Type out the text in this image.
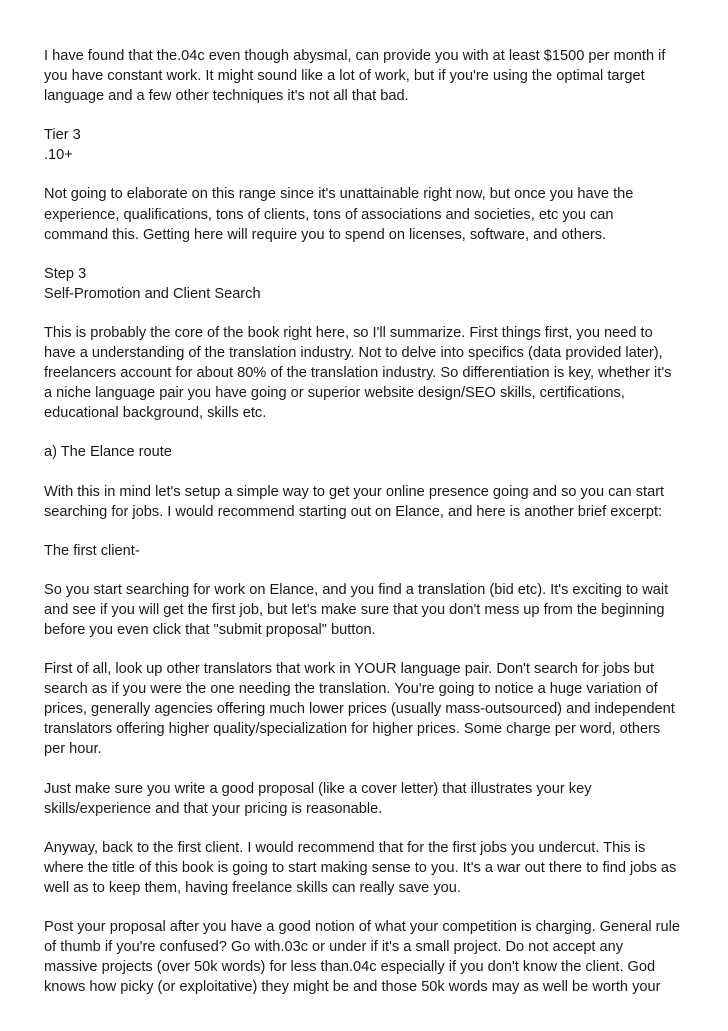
I have found that the.04c even though abysmal, can provide you with at least $1500 per month if
you have constant work. It might sound like a lot of work, but if you're using the optimal target
language and a few other techniques it's not all that bad.

Tier 3
.10+

Not going to elaborate on this range since it's unattainable right now, but once you have the
experience, qualifications, tons of clients, tons of associations and societies, etc you can
command this. Getting here will require you to spend on licenses, software, and others.

Step 3
Self-Promotion and Client Search

This is probably the core of the book right here, so I'll summarize. First things first, you need to
have a understanding of the translation industry. Not to delve into specifics (data provided later),
freelancers account for about 80% of the translation industry. So differentiation is key, whether it's
a niche language pair you have going or superior website design/SEO skills, certifications,
educational background, skills etc.

a) The Elance route

With this in mind let's setup a simple way to get your online presence going and so you can start
searching for jobs. I would recommend starting out on Elance, and here is another brief excerpt:

The first client-

So you start searching for work on Elance, and you find a translation (bid etc). It's exciting to wait
and see if you will get the first job, but let's make sure that you don't mess up from the beginning
before you even click that "submit proposal" button.

First of all, look up other translators that work in YOUR language pair. Don't search for jobs but
search as if you were the one needing the translation. You're going to notice a huge variation of
prices, generally agencies offering much lower prices (usually mass-outsourced) and independent
translators offering higher quality/specialization for higher prices. Some charge per word, others
per hour.

Just make sure you write a good proposal (like a cover letter) that illustrates your key
skills/experience and that your pricing is reasonable.

Anyway, back to the first client. I would recommend that for the first jobs you undercut. This is
where the title of this book is going to start making sense to you. It's a war out there to find jobs as
well as to keep them, having freelance skills can really save you.

Post your proposal after you have a good notion of what your competition is charging. General rule
of thumb if you're confused? Go with.03c or under if it's a small project. Do not accept any
massive projects (over 50k words) for less than.04c especially if you don't know the client. God
knows how picky (or exploitative) they might be and those 50k words may as well be worth your
